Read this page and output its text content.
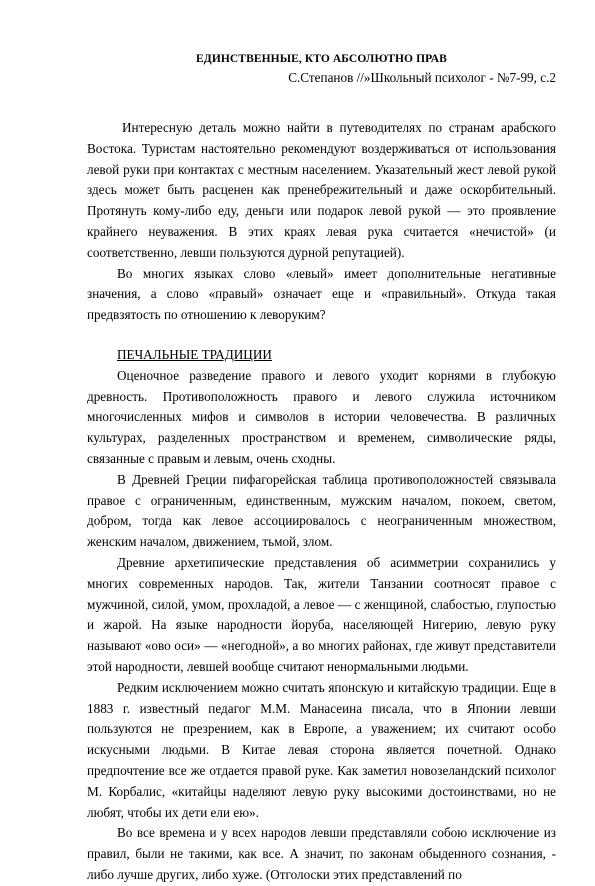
ЕДИНСТВЕННЫЕ, КТО АБСОЛЮТНО ПРАВ
С.Степанов //»Школьный психолог - №7-99, с.2

Интересную деталь можно найти в путеводителях по странам арабского Востока. Туристам настоятельно рекомендуют воздерживаться от использования левой руки при контактах с местным населением. Указательный жест левой рукой здесь может быть расценен как пренебрежительный и даже оскорбительный. Протянуть кому-либо еду, деньги или подарок левой рукой — это проявление крайнего неуважения. В этих краях левая рука считается «нечистой» (и соответственно, левши пользуются дурной репутацией).

Во многих языках слово «левый» имеет дополнительные негативные значения, а слово «правый» означает еще и «правильный». Откуда такая предвзятость по отношению к леворуким?

ПЕЧАЛЬНЫЕ ТРАДИЦИИ

Оценочное разведение правого и левого уходит корнями в глубокую древность. Противоположность правого и левого служила источником многочисленных мифов и символов в истории человечества. В различных культурах, разделенных пространством и временем, символические ряды, связанные с правым и левым, очень сходны.

В Древней Греции пифагорейская таблица противоположностей связывала правое с ограниченным, единственным, мужским началом, покоем, светом, добром, тогда как левое ассоциировалось с неограниченным множеством, женским началом, движением, тьмой, злом.

Древние архетипические представления об асимметрии сохранились у многих современных народов. Так, жители Танзании соотносят правое с мужчиной, силой, умом, прохладой, а левое — с женщиной, слабостью, глупостью и жарой. На языке народности йоруба, населяющей Нигерию, левую руку называют «ово оси» — «негодной», а во многих районах, где живут представители этой народности, левшей вообще считают ненормальными людьми.

Редким исключением можно считать японскую и китайскую традиции. Еще в 1883 г. известный педагог М.М. Манасеина писала, что в Японии левши пользуются не презрением, как в Европе, а уважением; их считают особо искусными людьми. В Китае левая сторона является почетной. Однако предпочтение все же отдается правой руке. Как заметил новозеландский психолог М. Корбалис, «китайцы наделяют левую руку высокими достоинствами, но не любят, чтобы их дети ели ею».

Во все времена и у всех народов левши представляли собою исключение из правил, были не такими, как все. А значит, по законам обыденного сознания, - либо лучше других, либо хуже. (Отголоски этих представлений по
